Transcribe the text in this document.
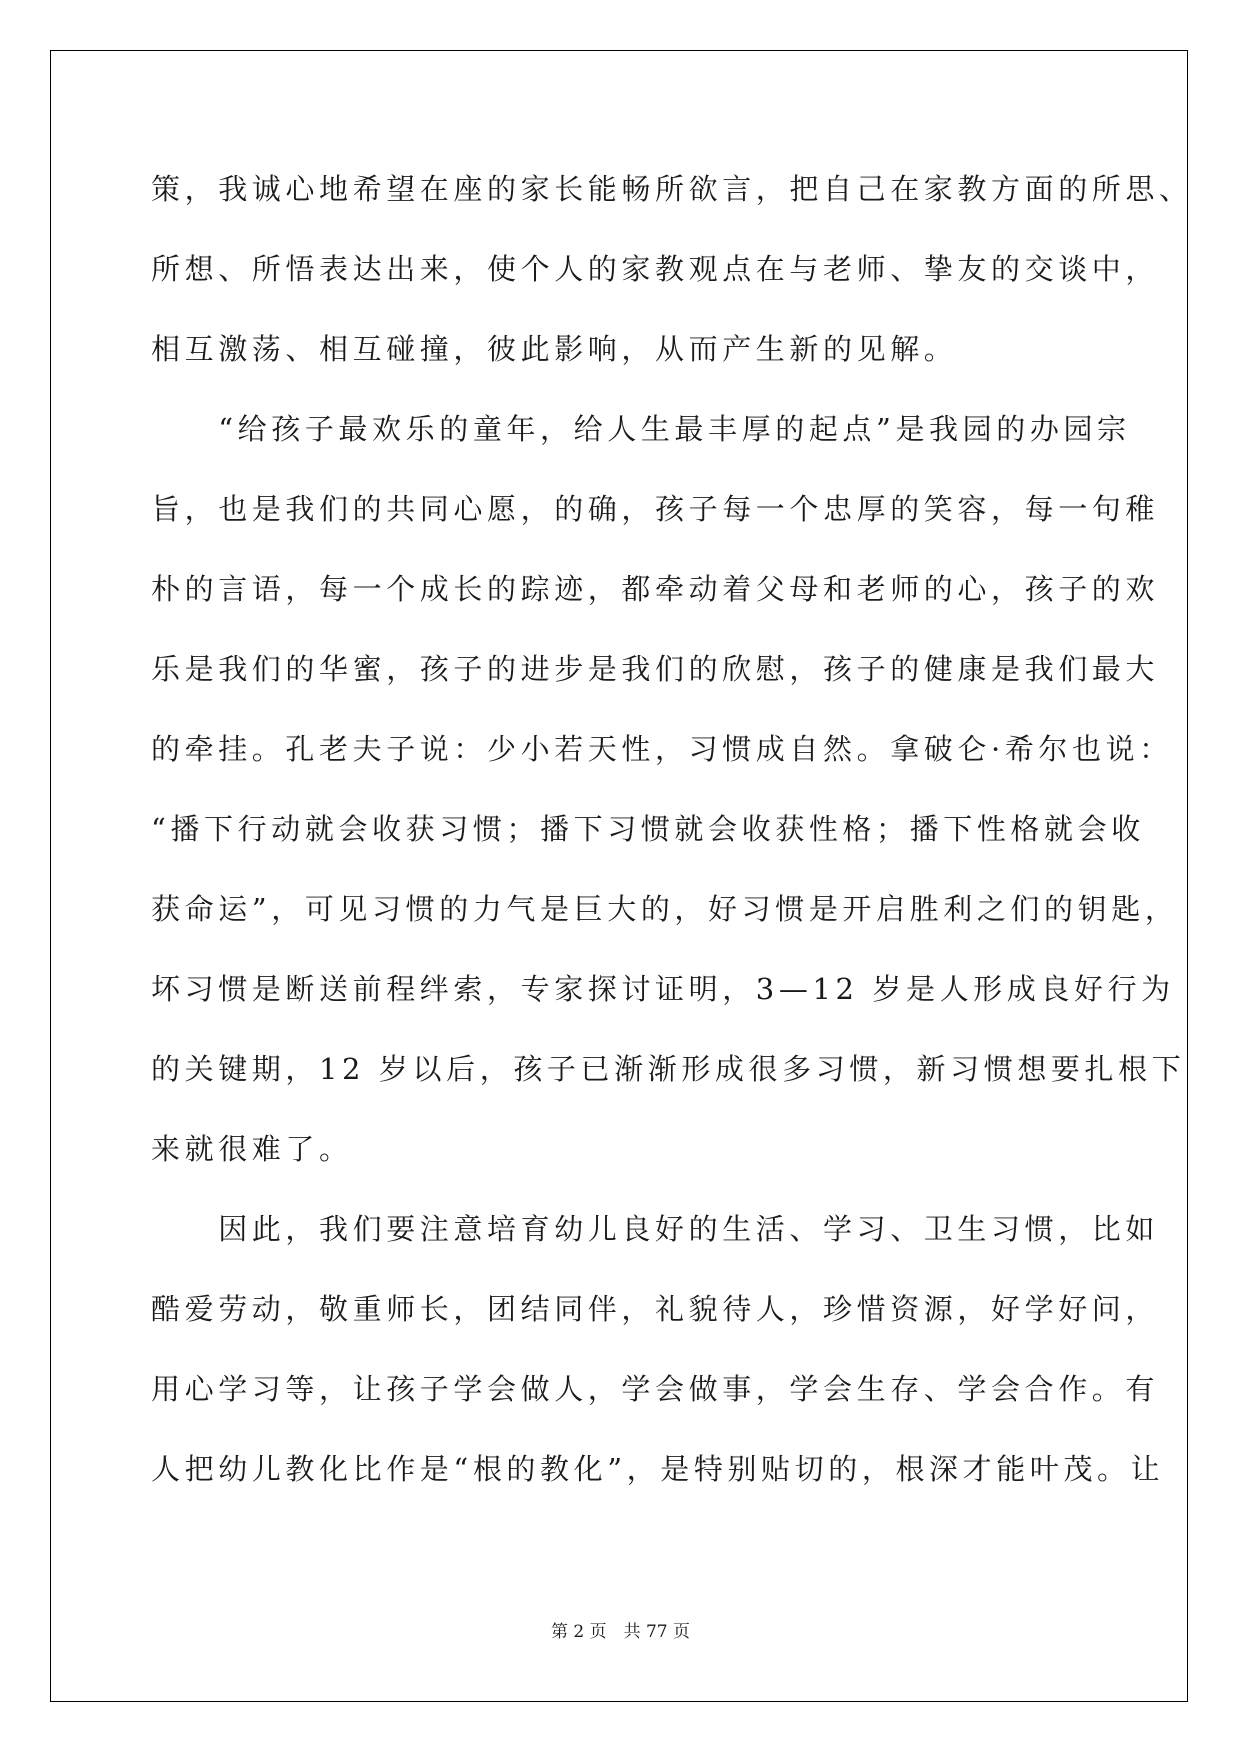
策，我诚心地希望在座的家长能畅所欲言，把自己在家教方面的所思、
所想、所悟表达出来，使个人的家教观点在与老师、挚友的交谈中，
相互激荡、相互碰撞，彼此影响，从而产生新的见解。
　　“给孩子最欢乐的童年，给人生最丰厚的起点”是我园的办园宗
旨，也是我们的共同心愿，的确，孩子每一个忠厚的笑容，每一句稚
朴的言语，每一个成长的踪迹，都牵动着父母和老师的心，孩子的欢
乐是我们的华蜜，孩子的进步是我们的欣慰，孩子的健康是我们最大
的牵挂。孔老夫子说：少小若天性，习惯成自然。拿破仑·希尔也说：
“播下行动就会收获习惯；播下习惯就会收获性格；播下性格就会收
获命运”，可见习惯的力气是巨大的，好习惯是开启胜利之们的钥匙，
坏习惯是断送前程绊索，专家探讨证明，3—12 岁是人形成良好行为
的关键期，12 岁以后，孩子已渐渐形成很多习惯，新习惯想要扎根下
来就很难了。
　　因此，我们要注意培育幼儿良好的生活、学习、卫生习惯，比如
酷爱劳动，敬重师长，团结同伴，礼貌待人，珍惜资源，好学好问，
用心学习等，让孩子学会做人，学会做事，学会生存、学会合作。有
人把幼儿教化比作是“根的教化”，是特别贴切的，根深才能叶茂。让
第 2 页　共 77 页
